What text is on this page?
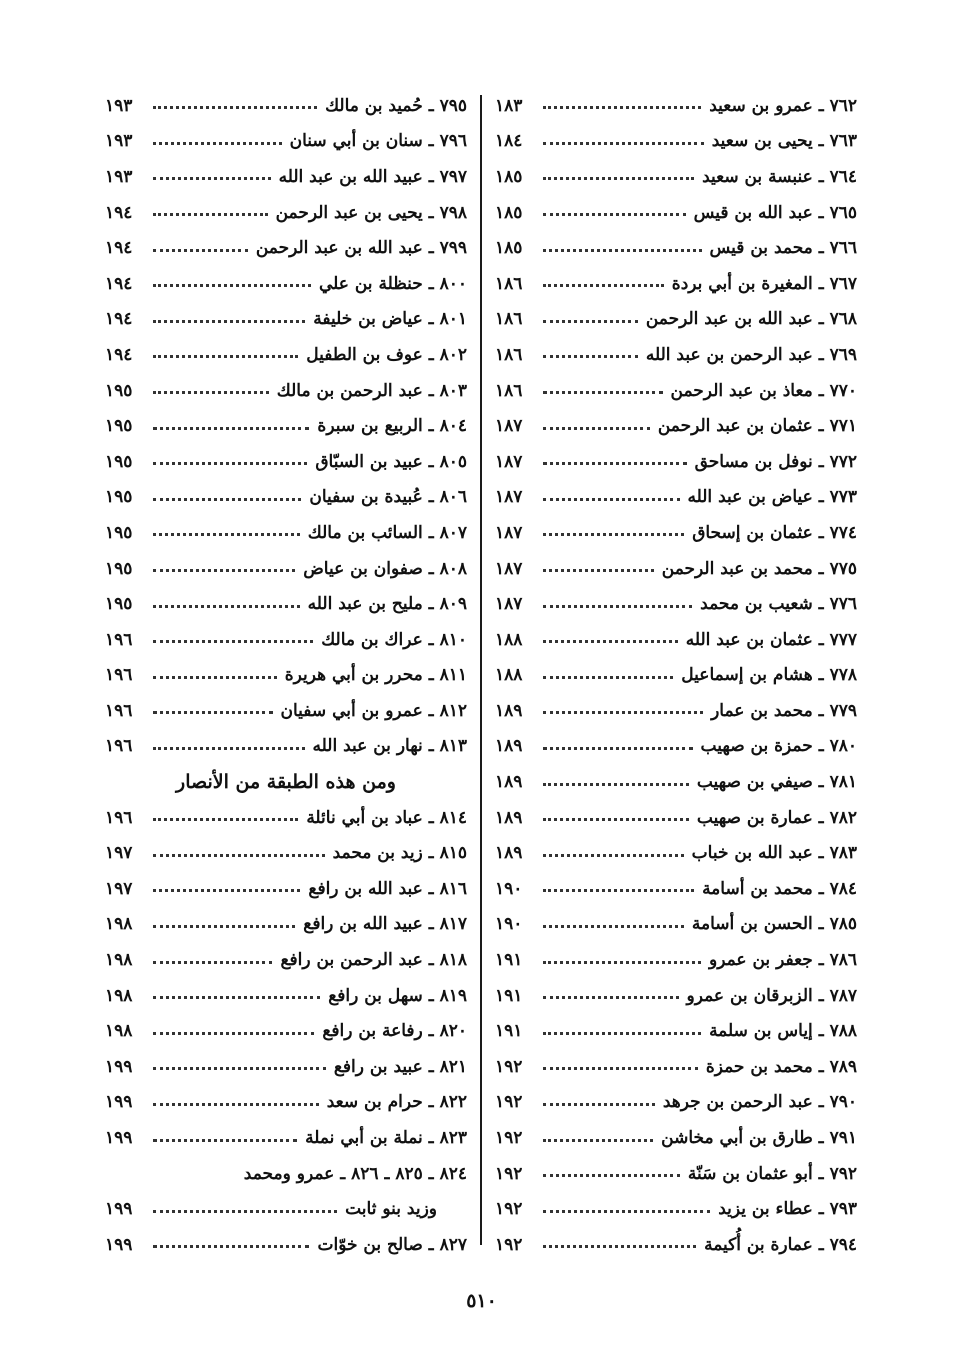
٧٦٢ ـ عمرو بن سعيد
١٨٣
٧٦٣ ـ يحيى بن سعيد
١٨٤
٧٦٤ ـ عنبسة بن سعيد
١٨٥
٧٦٥ ـ عبد الله بن قيس
١٨٥
٧٦٦ ـ محمد بن قيس
١٨٥
٧٦٧ ـ المغيرة بن أبي بردة
١٨٦
٧٦٨ ـ عبد الله بن عبد الرحمن
١٨٦
٧٦٩ ـ عبد الرحمن بن عبد الله
١٨٦
٧٧٠ ـ معاذ بن عبد الرحمن
١٨٦
٧٧١ ـ عثمان بن عبد الرحمن
١٨٧
٧٧٢ ـ نوفل بن مساحق
١٨٧
٧٧٣ ـ عياض بن عبد الله
١٨٧
٧٧٤ ـ عثمان بن إسحاق
١٨٧
٧٧٥ ـ محمد بن عبد الرحمن
١٨٧
٧٧٦ ـ شعيب بن محمد
١٨٧
٧٧٧ ـ عثمان بن عبد الله
١٨٨
٧٧٨ ـ هشام بن إسماعيل
١٨٨
٧٧٩ ـ محمد بن عمار
١٨٩
٧٨٠ ـ حمزة بن صهيب
١٨٩
٧٨١ ـ صيفي بن صهيب
١٨٩
٧٨٢ ـ عمارة بن صهيب
١٨٩
٧٨٣ ـ عبد الله بن خباب
١٨٩
٧٨٤ ـ محمد بن أسامة
١٩٠
٧٨٥ ـ الحسن بن أسامة
١٩٠
٧٨٦ ـ جعفر بن عمرو
١٩١
٧٨٧ ـ الزبرقان بن عمرو
١٩١
٧٨٨ ـ إياس بن سلمة
١٩١
٧٨٩ ـ محمد بن حمزة
١٩٢
٧٩٠ ـ عبد الرحمن بن جرهد
١٩٢
٧٩١ ـ طارق بن أبي مخاشن
١٩٢
٧٩٢ ـ أبو عثمان بن سَنّة
١٩٢
٧٩٣ ـ عطاء بن يزيد
١٩٢
٧٩٤ ـ عمارة بن أُكيمة
١٩٢
٧٩٥ ـ حُميد بن مالك
١٩٣
٧٩٦ ـ سنان بن أبي سنان
١٩٣
٧٩٧ ـ عبيد الله بن عبد الله
١٩٣
٧٩٨ ـ يحيى بن عبد الرحمن
١٩٤
٧٩٩ ـ عبد الله بن عبد الرحمن
١٩٤
٨٠٠ ـ حنظلة بن علي
١٩٤
٨٠١ ـ عياض بن خليفة
١٩٤
٨٠٢ ـ عوف بن الطفيل
١٩٤
٨٠٣ ـ عبد الرحمن بن مالك
١٩٥
٨٠٤ ـ الربيع بن سبرة
١٩٥
٨٠٥ ـ عبيد بن السبّاق
١٩٥
٨٠٦ ـ عُبيدة بن سفيان
١٩٥
٨٠٧ ـ السائب بن مالك
١٩٥
٨٠٨ ـ صفوان بن عياض
١٩٥
٨٠٩ ـ مليح بن عبد الله
١٩٥
٨١٠ ـ عراك بن مالك
١٩٦
٨١١ ـ محرر بن أبي هريرة
١٩٦
٨١٢ ـ عمرو بن أبي سفيان
١٩٦
٨١٣ ـ نهار بن عبد الله
١٩٦
ومن هذه الطبقة من الأنصار
٨١٤ ـ عباد بن أبي نائلة
١٩٦
٨١٥ ـ زيد بن محمد
١٩٧
٨١٦ ـ عبد الله بن رافع
١٩٧
٨١٧ ـ عبيد الله بن رافع
١٩٨
٨١٨ ـ عبد الرحمن بن رافع
١٩٨
٨١٩ ـ سهل بن رافع
١٩٨
٨٢٠ ـ رفاعة بن رافع
١٩٨
٨٢١ ـ عبيد بن رافع
١٩٩
٨٢٢ ـ حرام بن سعد
١٩٩
٨٢٣ ـ نملة بن أبي نملة
١٩٩
٨٢٤ ـ ٨٢٥ ـ ٨٢٦ ـ عمرو ومحمد
وزيد بنو ثابت
١٩٩
٨٢٧ ـ صالح بن خوّات
١٩٩
٥١٠
